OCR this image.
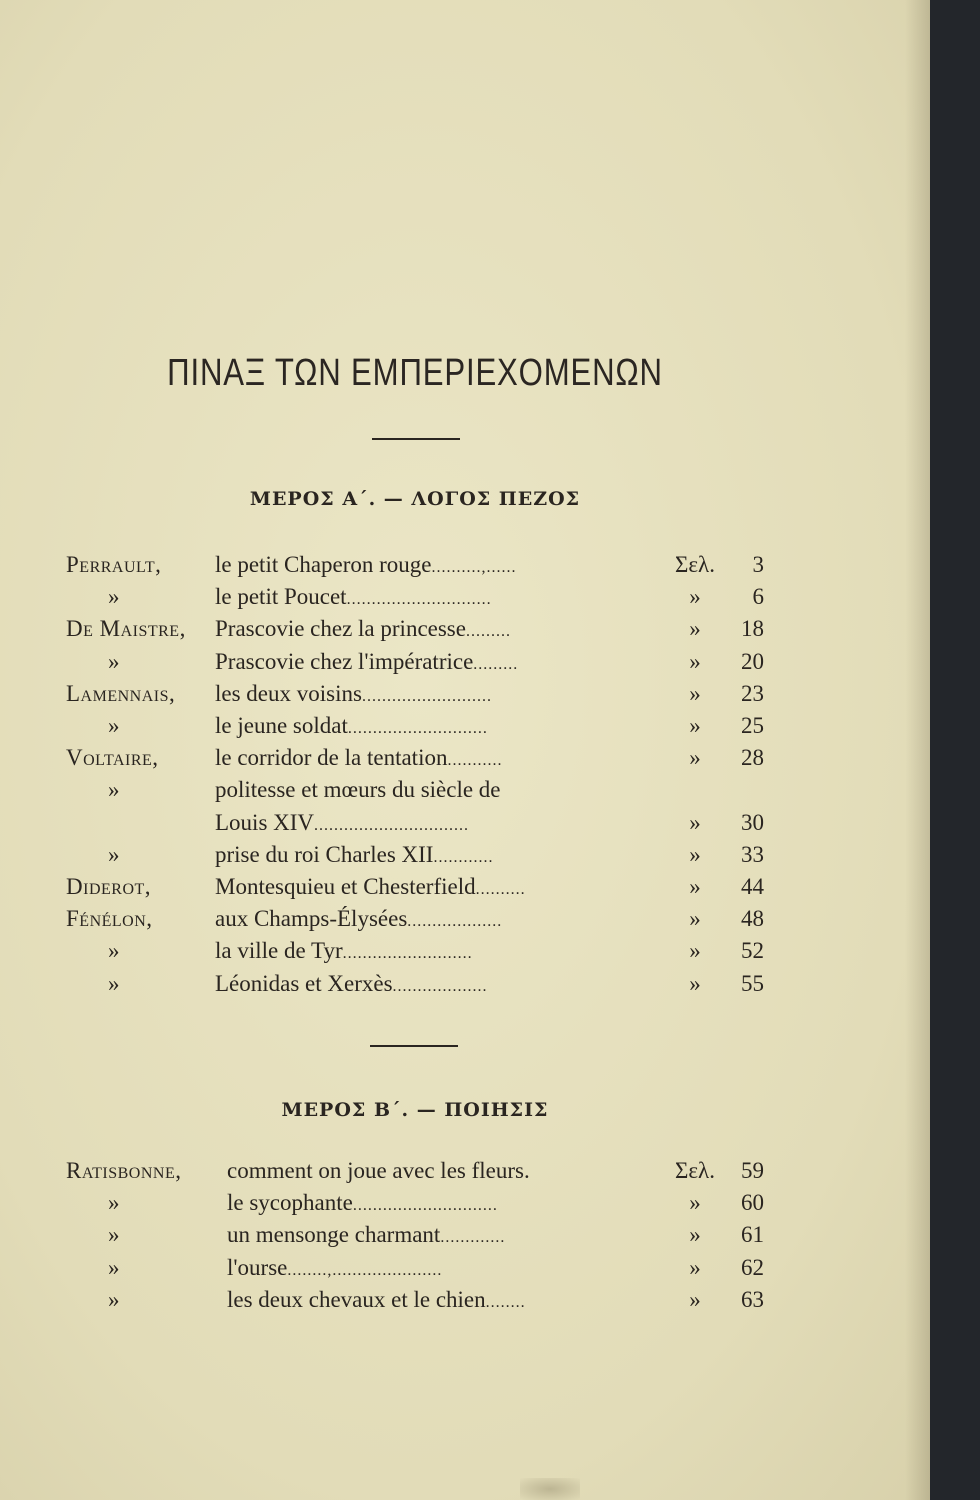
ΠΙΝΑΞ ΤΩΝ ΕΜΠΕΡΙΕΧΟΜΕΝΩΝ
ΜΕΡΟΣ Α΄. — ΛΟΓΟΣ ΠΕΖΟΣ
Perrault, le petit Chaperon rouge..........,......	Σελ.	3
»	le petit Poucet.............................	»	6
De Maistre, Prascovie chez la princesse.........	»	18
»	Prascovie chez l'impératrice.........	»	20
Lamennais, les deux voisins..........................	»	23
»	le jeune soldat............................	»	25
Voltaire, le corridor de la tentation...........	»	28
»	politesse et mœurs du siècle de
Louis XIV...............................	»	30
»	prise du roi Charles XII............	»	33
Diderot,	Montesquieu et Chesterfield..........	»	44
Fénélon,	aux Champs-Élysées...................	»	48
»	la ville de Tyr..........................	»	52
»	Léonidas et Xerxès...................	»	55
ΜΕΡΟΣ Β΄. — ΠΟΙΗΣΙΣ
Ratisbonne, comment on joue avec les fleurs.	Σελ.	59
»	le sycophante.............................	»	60
»	un mensonge charmant.............	»	61
»	l'ourse........,......................	»	62
»	les deux chevaux et le chien........	»	63
